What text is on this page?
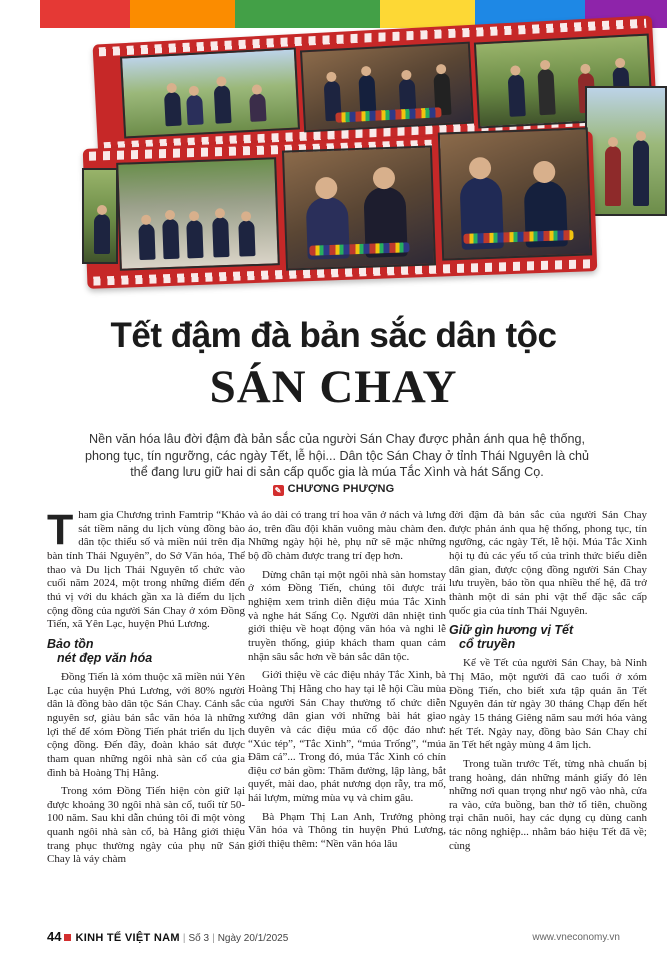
Tết đậm đà bản sắc dân tộc
SÁN CHAY

Nền văn hóa lâu đời đậm đà bản sắc của người Sán Chay được phản ánh qua hệ thống, phong tục, tín ngưỡng, các ngày Tết, lễ hội... Dân tộc Sán Chay ở tỉnh Thái Nguyên là chủ thể đang lưu giữ hai di sản cấp quốc gia là múa Tắc Xình và hát Sấng Cọ.

✎ CHƯƠNG PHƯỢNG

Tham gia Chương trình Famtrip “Khảo sát tiềm năng du lịch vùng đồng bào dân tộc thiểu số và miền núi trên địa bàn tỉnh Thái Nguyên”, do Sở Văn hóa, Thể thao và Du lịch Thái Nguyên tổ chức vào cuối năm 2024, một trong những điểm đến thú vị với du khách gần xa là điểm du lịch cộng đồng của người Sán Chay ở xóm Đồng Tiến, xã Yên Lạc, huyện Phú Lương.

Bảo tồn
nét đẹp văn hóa

Đồng Tiến là xóm thuộc xã miền núi Yên Lạc của huyện Phú Lương, với 80% người dân là đồng bào dân tộc Sán Chay. Cảnh sắc nguyên sơ, giàu bản sắc văn hóa là những lợi thế để xóm Đồng Tiến phát triển du lịch cộng đồng. Đến đây, đoàn khảo sát được tham quan những ngôi nhà sàn cổ của gia đình bà Hoàng Thị Hằng.

Trong xóm Đồng Tiến hiện còn giữ lại được khoảng 30 ngôi nhà sàn cổ, tuổi từ 50-100 năm. Sau khi dẫn chúng tôi đi một vòng quanh ngôi nhà sàn cổ, bà Hằng giới thiệu trang phục thường ngày của phụ nữ Sán Chay là váy chàm

và áo dài có trang trí hoa văn ở nách và lưng áo, trên đầu đội khăn vuông màu chàm đen. Những ngày hội hè, phụ nữ sẽ mặc những bộ đồ chàm được trang trí đẹp hơn.

Dừng chân tại một ngôi nhà sàn homstay ở xóm Đồng Tiến, chúng tôi được trải nghiệm xem trình diễn điệu múa Tắc Xình và nghe hát Sấng Cọ. Người dân nhiệt tình giới thiệu về hoạt động văn hóa và nghi lễ truyền thống, giúp khách tham quan cảm nhận sâu sắc hơn về bản sắc dân tộc.

Giới thiệu về các điệu nhảy Tắc Xình, bà Hoàng Thị Hằng cho hay tại lễ hội Cầu mùa của người Sán Chay thường tổ chức diễn xướng dân gian với những bài hát giao duyên và các điệu múa cổ độc đáo như: “Xúc tép”, “Tắc Xình”, “múa Trống”, “múa Đâm cá”... Trong đó, múa Tắc Xình có chín điệu cơ bản gồm: Thăm đường, lập làng, bắt quyết, mài dao, phát nương dọn rẫy, tra mố, hái lượm, mừng mùa vụ và chim gâu.

Bà Phạm Thị Lan Anh, Trưởng phòng Văn hóa và Thông tin huyện Phú Lương, giới thiệu thêm: “Nền văn hóa lâu

đời đậm đà bản sắc của người Sán Chay được phản ánh qua hệ thống, phong tục, tín ngưỡng, các ngày Tết, lễ hội. Múa Tắc Xình hội tụ đủ các yếu tố của trình thức biểu diễn dân gian, được cộng đồng người Sán Chay lưu truyền, bảo tồn qua nhiều thế hệ, đã trở thành một di sản phi vật thể đặc sắc cấp quốc gia của tỉnh Thái Nguyên.

Giữ gìn hương vị Tết
cổ truyền

Kể về Tết của người Sán Chay, bà Ninh Thị Mão, một người đã cao tuổi ở xóm Đồng Tiến, cho biết xưa tập quán ăn Tết Nguyên đán từ ngày 30 tháng Chạp đến hết ngày 15 tháng Giêng năm sau mới hóa vàng hết Tết. Ngày nay, đồng bào Sán Chay chỉ ăn Tết hết ngày mùng 4 âm lịch.

Trong tuần trước Tết, từng nhà chuẩn bị trang hoàng, dán những mảnh giấy đỏ lên những nơi quan trọng như ngõ vào nhà, cửa ra vào, cửa buồng, ban thờ tổ tiên, chuồng trại chăn nuôi, hay các dụng cụ dùng canh tác nông nghiệp... nhằm báo hiệu Tết đã về; cùng

44 KINH TẾ VIỆT NAM | Số 3 | Ngày 20/1/2025	www.vneconomy.vn
